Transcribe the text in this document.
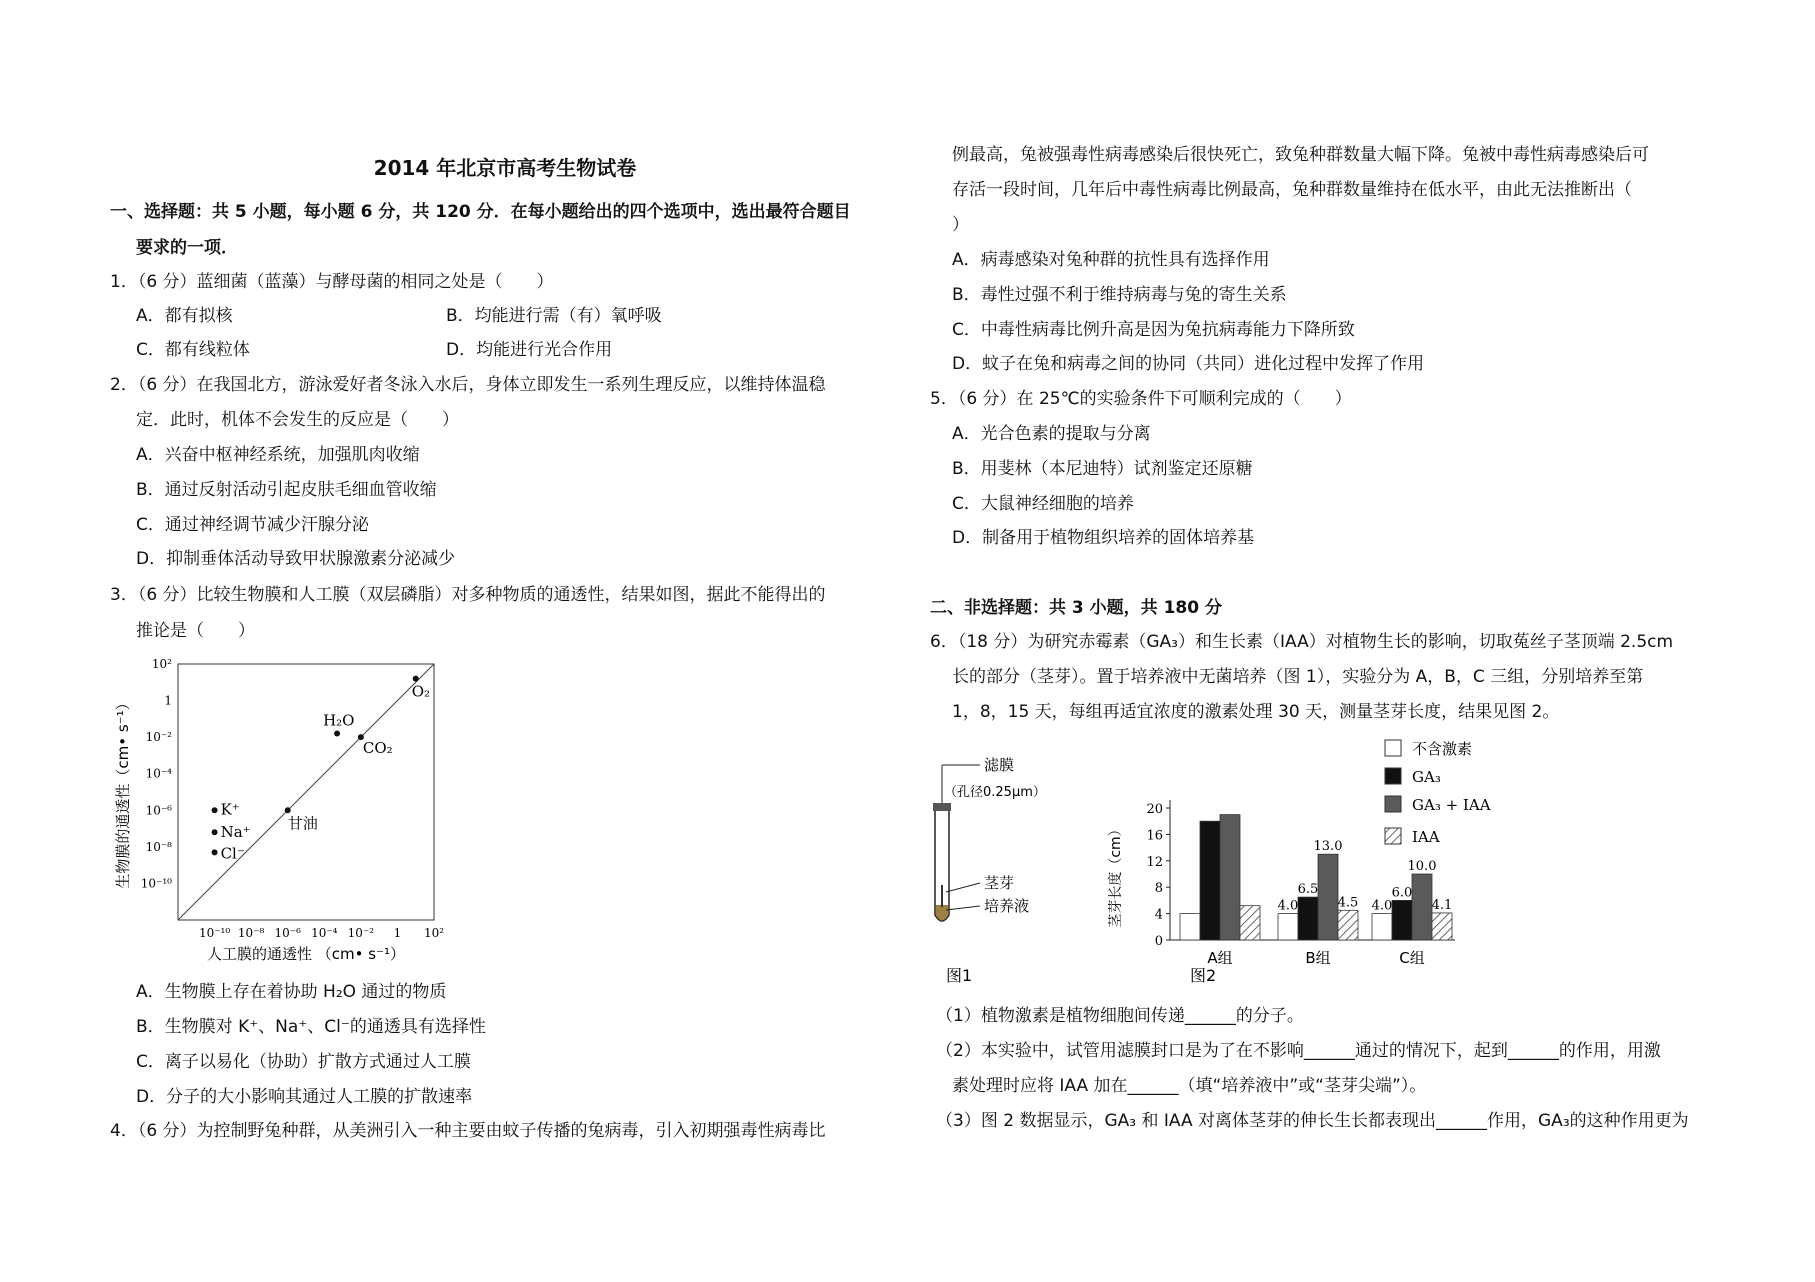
2014 年北京市高考生物试卷
一、选择题：共 5 小题，每小题 6 分，共 120 分．在每小题给出的四个选项中，选出最符合题目
要求的一项．
1．（6 分）蓝细菌（蓝藻）与酵母菌的相同之处是（　　）
A．都有拟核	B．均能进行需（有）氧呼吸
C．都有线粒体	D．均能进行光合作用
2．（6 分）在我国北方，游泳爱好者冬泳入水后，身体立即发生一系列生理反应，以维持体温稳
定．此时，机体不会发生的反应是（　　）
A．兴奋中枢神经系统，加强肌肉收缩
B．通过反射活动引起皮肤毛细血管收缩
C．通过神经调节减少汗腺分泌
D．抑制垂体活动导致甲状腺激素分泌减少
3．（6 分）比较生物膜和人工膜（双层磷脂）对多种物质的通透性，结果如图，据此不能得出的
推论是（　　）
10⁻¹⁰ 10⁻⁸ 10⁻⁶ 10⁻⁴ 10⁻² 1 10²
10²
1
10⁻²
10⁻⁴
10⁻⁶
10⁻⁸
10⁻¹⁰
O₂
H₂O
CO₂
甘油
K⁺
Na⁺
Cl⁻
生物膜的通透性（cm• s⁻¹）
人工膜的通透性 （cm• s⁻¹）
A．生物膜上存在着协助 H₂O 通过的物质
B．生物膜对 K⁺、Na⁺、Cl⁻的通透具有选择性
C．离子以易化（协助）扩散方式通过人工膜
D．分子的大小影响其通过人工膜的扩散速率
4．（6 分）为控制野兔种群，从美洲引入一种主要由蚊子传播的兔病毒，引入初期强毒性病毒比
例最高，兔被强毒性病毒感染后很快死亡，致兔种群数量大幅下降。兔被中毒性病毒感染后可
存活一段时间，几年后中毒性病毒比例最高，兔种群数量维持在低水平，由此无法推断出（
）
A．病毒感染对兔种群的抗性具有选择作用
B．毒性过强不利于维持病毒与兔的寄生关系
C．中毒性病毒比例升高是因为兔抗病毒能力下降所致
D．蚊子在兔和病毒之间的协同（共同）进化过程中发挥了作用
5．（6 分）在 25℃的实验条件下可顺利完成的（　　）
A．光合色素的提取与分离
B．用斐林（本尼迪特）试剂鉴定还原糖
C．大鼠神经细胞的培养
D．制备用于植物组织培养的固体培养基
二、非选择题：共 3 小题，共 180 分
6．（18 分）为研究赤霉素（GA₃）和生长素（IAA）对植物生长的影响，切取菟丝子茎顶端 2.5cm
长的部分（茎芽）。置于培养液中无菌培养（图 1），实验分为 A，B，C 三组，分别培养至第
1，8，15 天，每组再适宜浓度的激素处理 30 天，测量茎芽长度，结果见图 2。
滤膜
（孔径0.25μm）
茎芽
培养液
图1
不含激素
GA₃
GA₃ + IAA
IAA
0
4
8
12
16
20
4.0
6.5
13.0
4.5 4.0
6.0
10.0
4.1
A组	B组	C组
茎芽长度（cm）
图2
（1）植物激素是植物细胞间传递______的分子。
（2）本实验中，试管用滤膜封口是为了在不影响______通过的情况下，起到______的作用，用激
素处理时应将 IAA 加在______（填“培养液中”或“茎芽尖端”）。
（3）图 2 数据显示，GA₃ 和 IAA 对离体茎芽的伸长生长都表现出______作用，GA₃的这种作用更为
